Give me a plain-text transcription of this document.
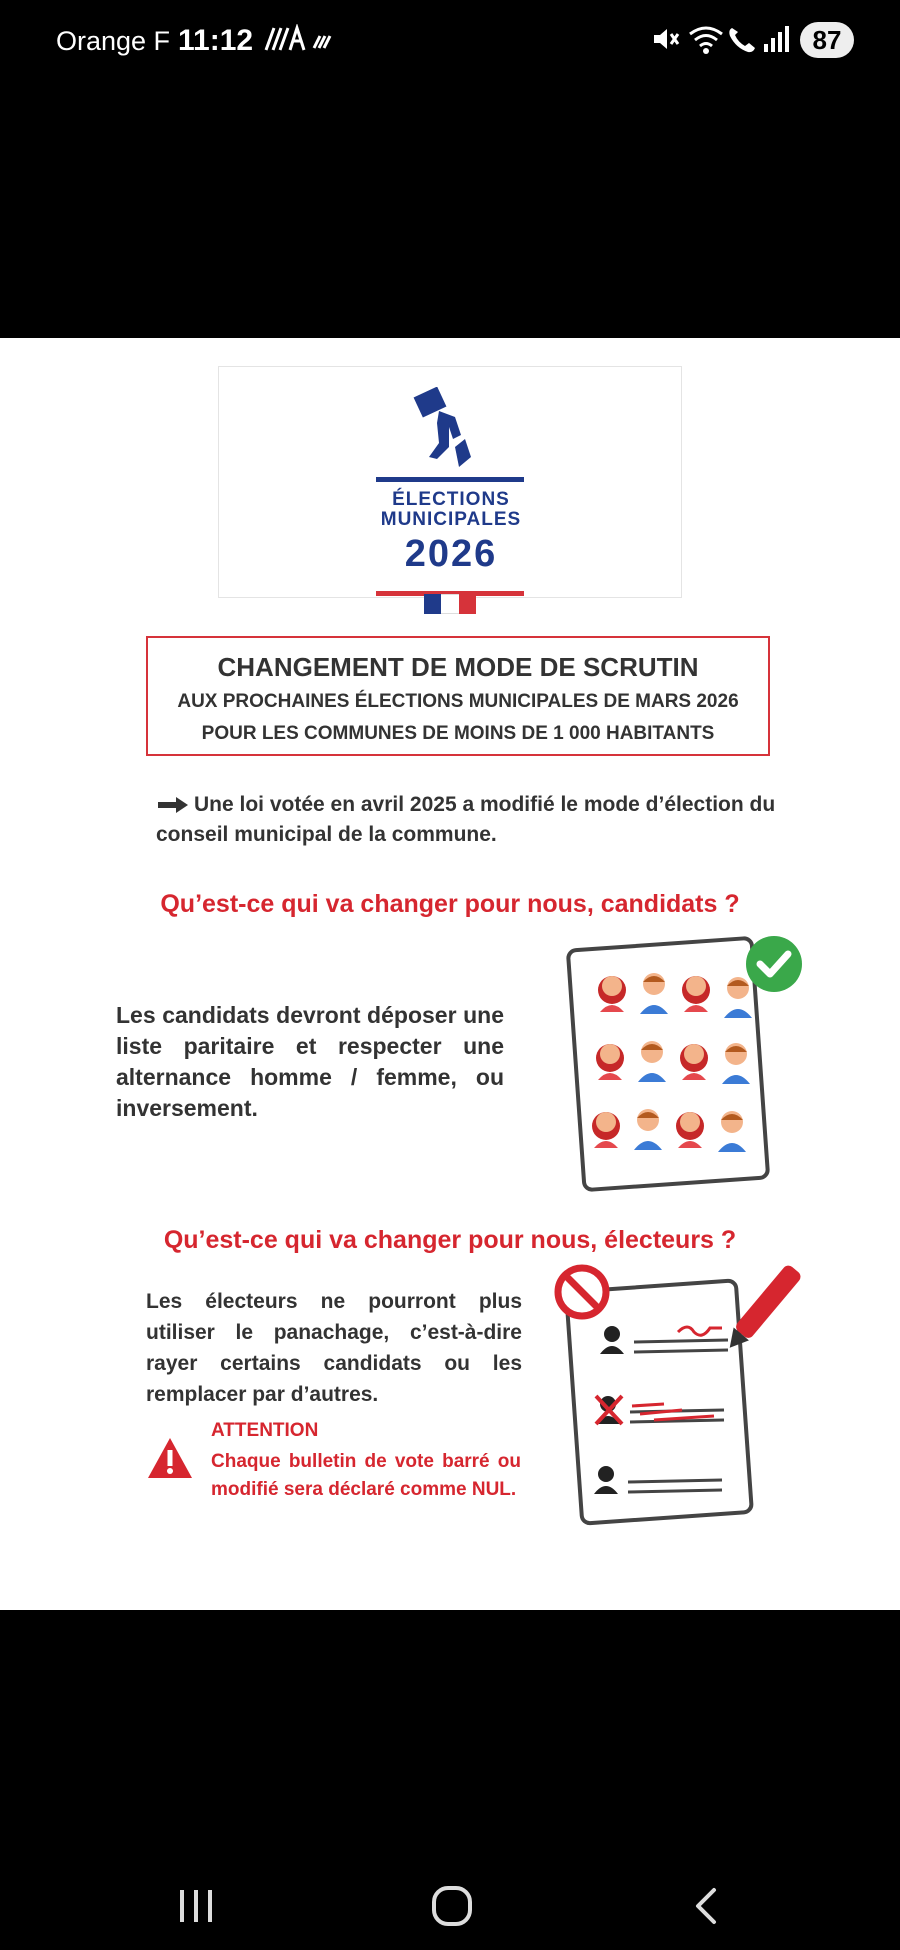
Orange F 11:12	87
ÉLECTIONS
MUNICIPALES
2026
CHANGEMENT DE MODE DE SCRUTIN
AUX PROCHAINES ÉLECTIONS MUNICIPALES DE MARS 2026
POUR LES COMMUNES DE MOINS DE 1 000 HABITANTS
Une loi votée en avril 2025 a modifié le mode d’élection du conseil municipal de la commune.
Qu’est-ce qui va changer pour nous, candidats ?
Les candidats devront déposer une liste paritaire et respecter une alternance homme / femme, ou inversement.
Qu’est-ce qui va changer pour nous, électeurs ?
Les électeurs ne pourront plus utiliser le panachage, c’est-à-dire rayer certains candidats ou les remplacer par d’autres.
ATTENTION
Chaque bulletin de vote barré ou modifié sera déclaré comme NUL.
